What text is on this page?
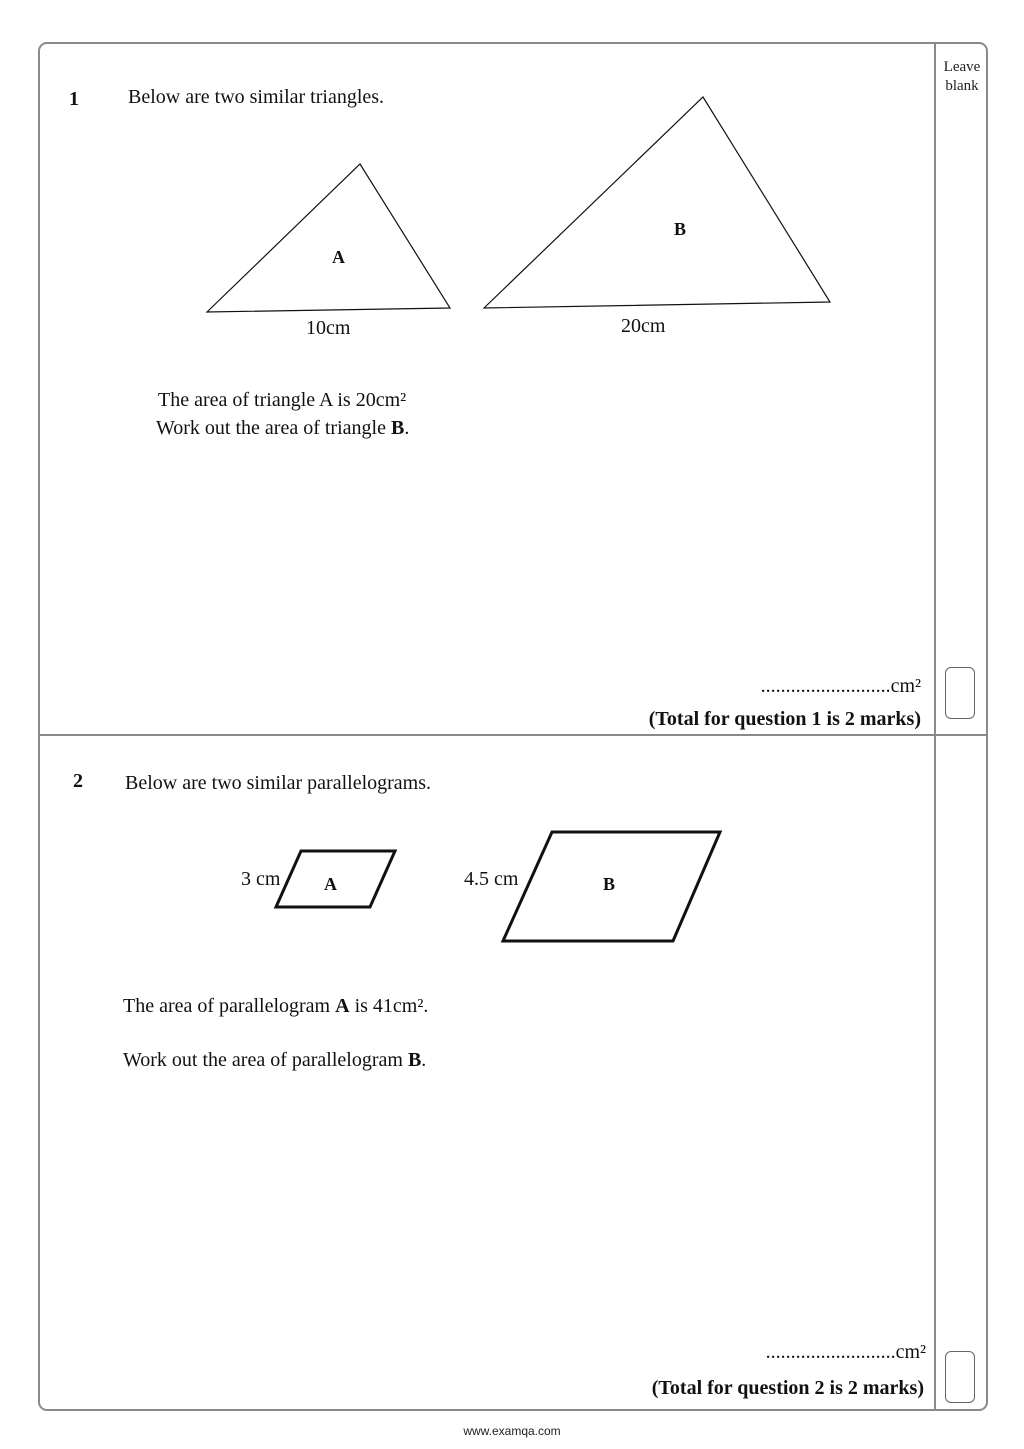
Leave
blank
1 Below are two similar triangles.
A
B
10cm	20cm
The area of triangle A is 20cm²
Work out the area of triangle B.
..........................cm²
(Total for question 1 is 2 marks)
2 Below are two similar parallelograms.
3 cm	4.5 cm
A	B
The area of parallelogram A is 41cm².
Work out the area of parallelogram B.
..........................cm²
(Total for question 2 is 2 marks)
www.examqa.com
